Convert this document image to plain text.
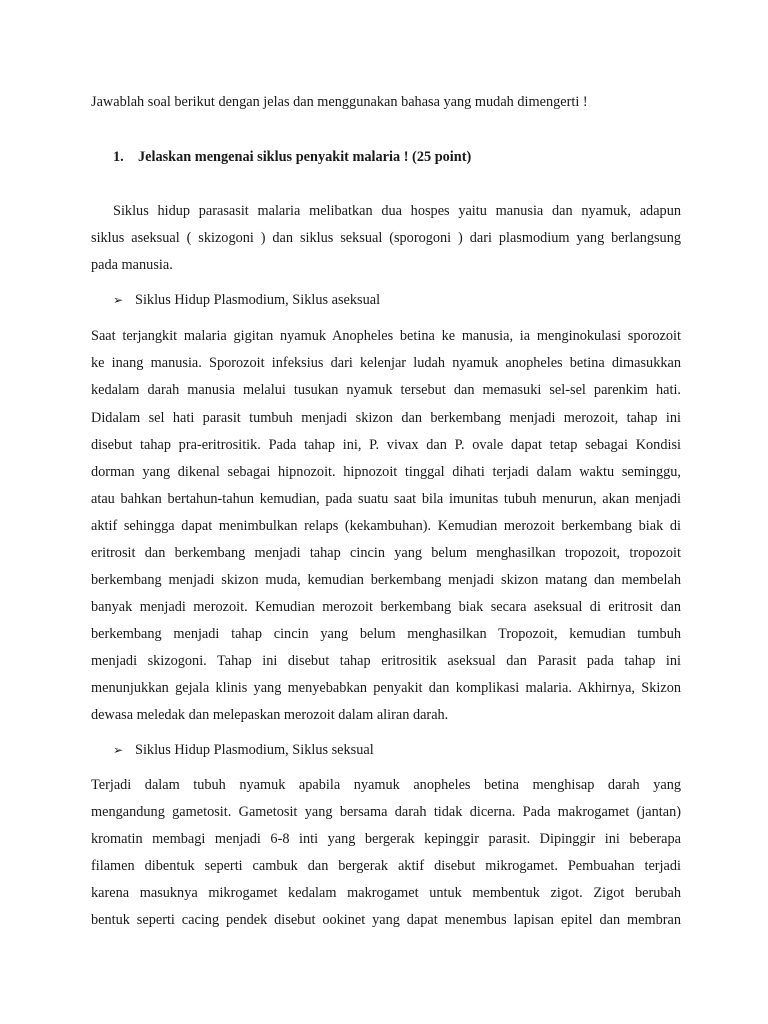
Jawablah soal berikut dengan jelas dan menggunakan bahasa yang mudah dimengerti !

1. Jelaskan mengenai siklus penyakit malaria ! (25 point)

Siklus hidup parasasit malaria melibatkan dua hospes yaitu manusia dan nyamuk, adapun

siklus aseksual ( skizogoni ) dan siklus seksual (sporogoni ) dari plasmodium yang berlangsung

pada manusia.

➢ Siklus Hidup Plasmodium, Siklus aseksual

Saat terjangkit malaria gigitan nyamuk Anopheles betina ke manusia, ia menginokulasi sporozoit

ke inang manusia. Sporozoit infeksius dari kelenjar ludah nyamuk anopheles betina dimasukkan

kedalam darah manusia melalui tusukan nyamuk tersebut dan memasuki sel-sel parenkim hati.

Didalam sel hati parasit tumbuh menjadi skizon dan berkembang menjadi merozoit, tahap ini

disebut tahap pra-eritrositik. Pada tahap ini, P. vivax dan P. ovale dapat tetap sebagai Kondisi

dorman yang dikenal sebagai hipnozoit. hipnozoit tinggal dihati terjadi dalam waktu seminggu,

atau bahkan bertahun-tahun kemudian, pada suatu saat bila imunitas tubuh menurun, akan menjadi

aktif sehingga dapat menimbulkan relaps (kekambuhan). Kemudian merozoit berkembang biak di

eritrosit dan berkembang menjadi tahap cincin yang belum menghasilkan tropozoit, tropozoit

berkembang menjadi skizon muda, kemudian berkembang menjadi skizon matang dan membelah

banyak menjadi merozoit. Kemudian merozoit berkembang biak secara aseksual di eritrosit dan

berkembang menjadi tahap cincin yang belum menghasilkan Tropozoit, kemudian tumbuh

menjadi skizogoni. Tahap ini disebut tahap eritrositik aseksual dan Parasit pada tahap ini

menunjukkan gejala klinis yang menyebabkan penyakit dan komplikasi malaria. Akhirnya, Skizon

dewasa meledak dan melepaskan merozoit dalam aliran darah.

➢ Siklus Hidup Plasmodium, Siklus seksual

Terjadi dalam tubuh nyamuk apabila nyamuk anopheles betina menghisap darah yang

mengandung gametosit. Gametosit yang bersama darah tidak dicerna. Pada makrogamet (jantan)

kromatin membagi menjadi 6-8 inti yang bergerak kepinggir parasit. Dipinggir ini beberapa

filamen dibentuk seperti cambuk dan bergerak aktif disebut mikrogamet. Pembuahan terjadi

karena masuknya mikrogamet kedalam makrogamet untuk membentuk zigot. Zigot berubah

bentuk seperti cacing pendek disebut ookinet yang dapat menembus lapisan epitel dan membran
